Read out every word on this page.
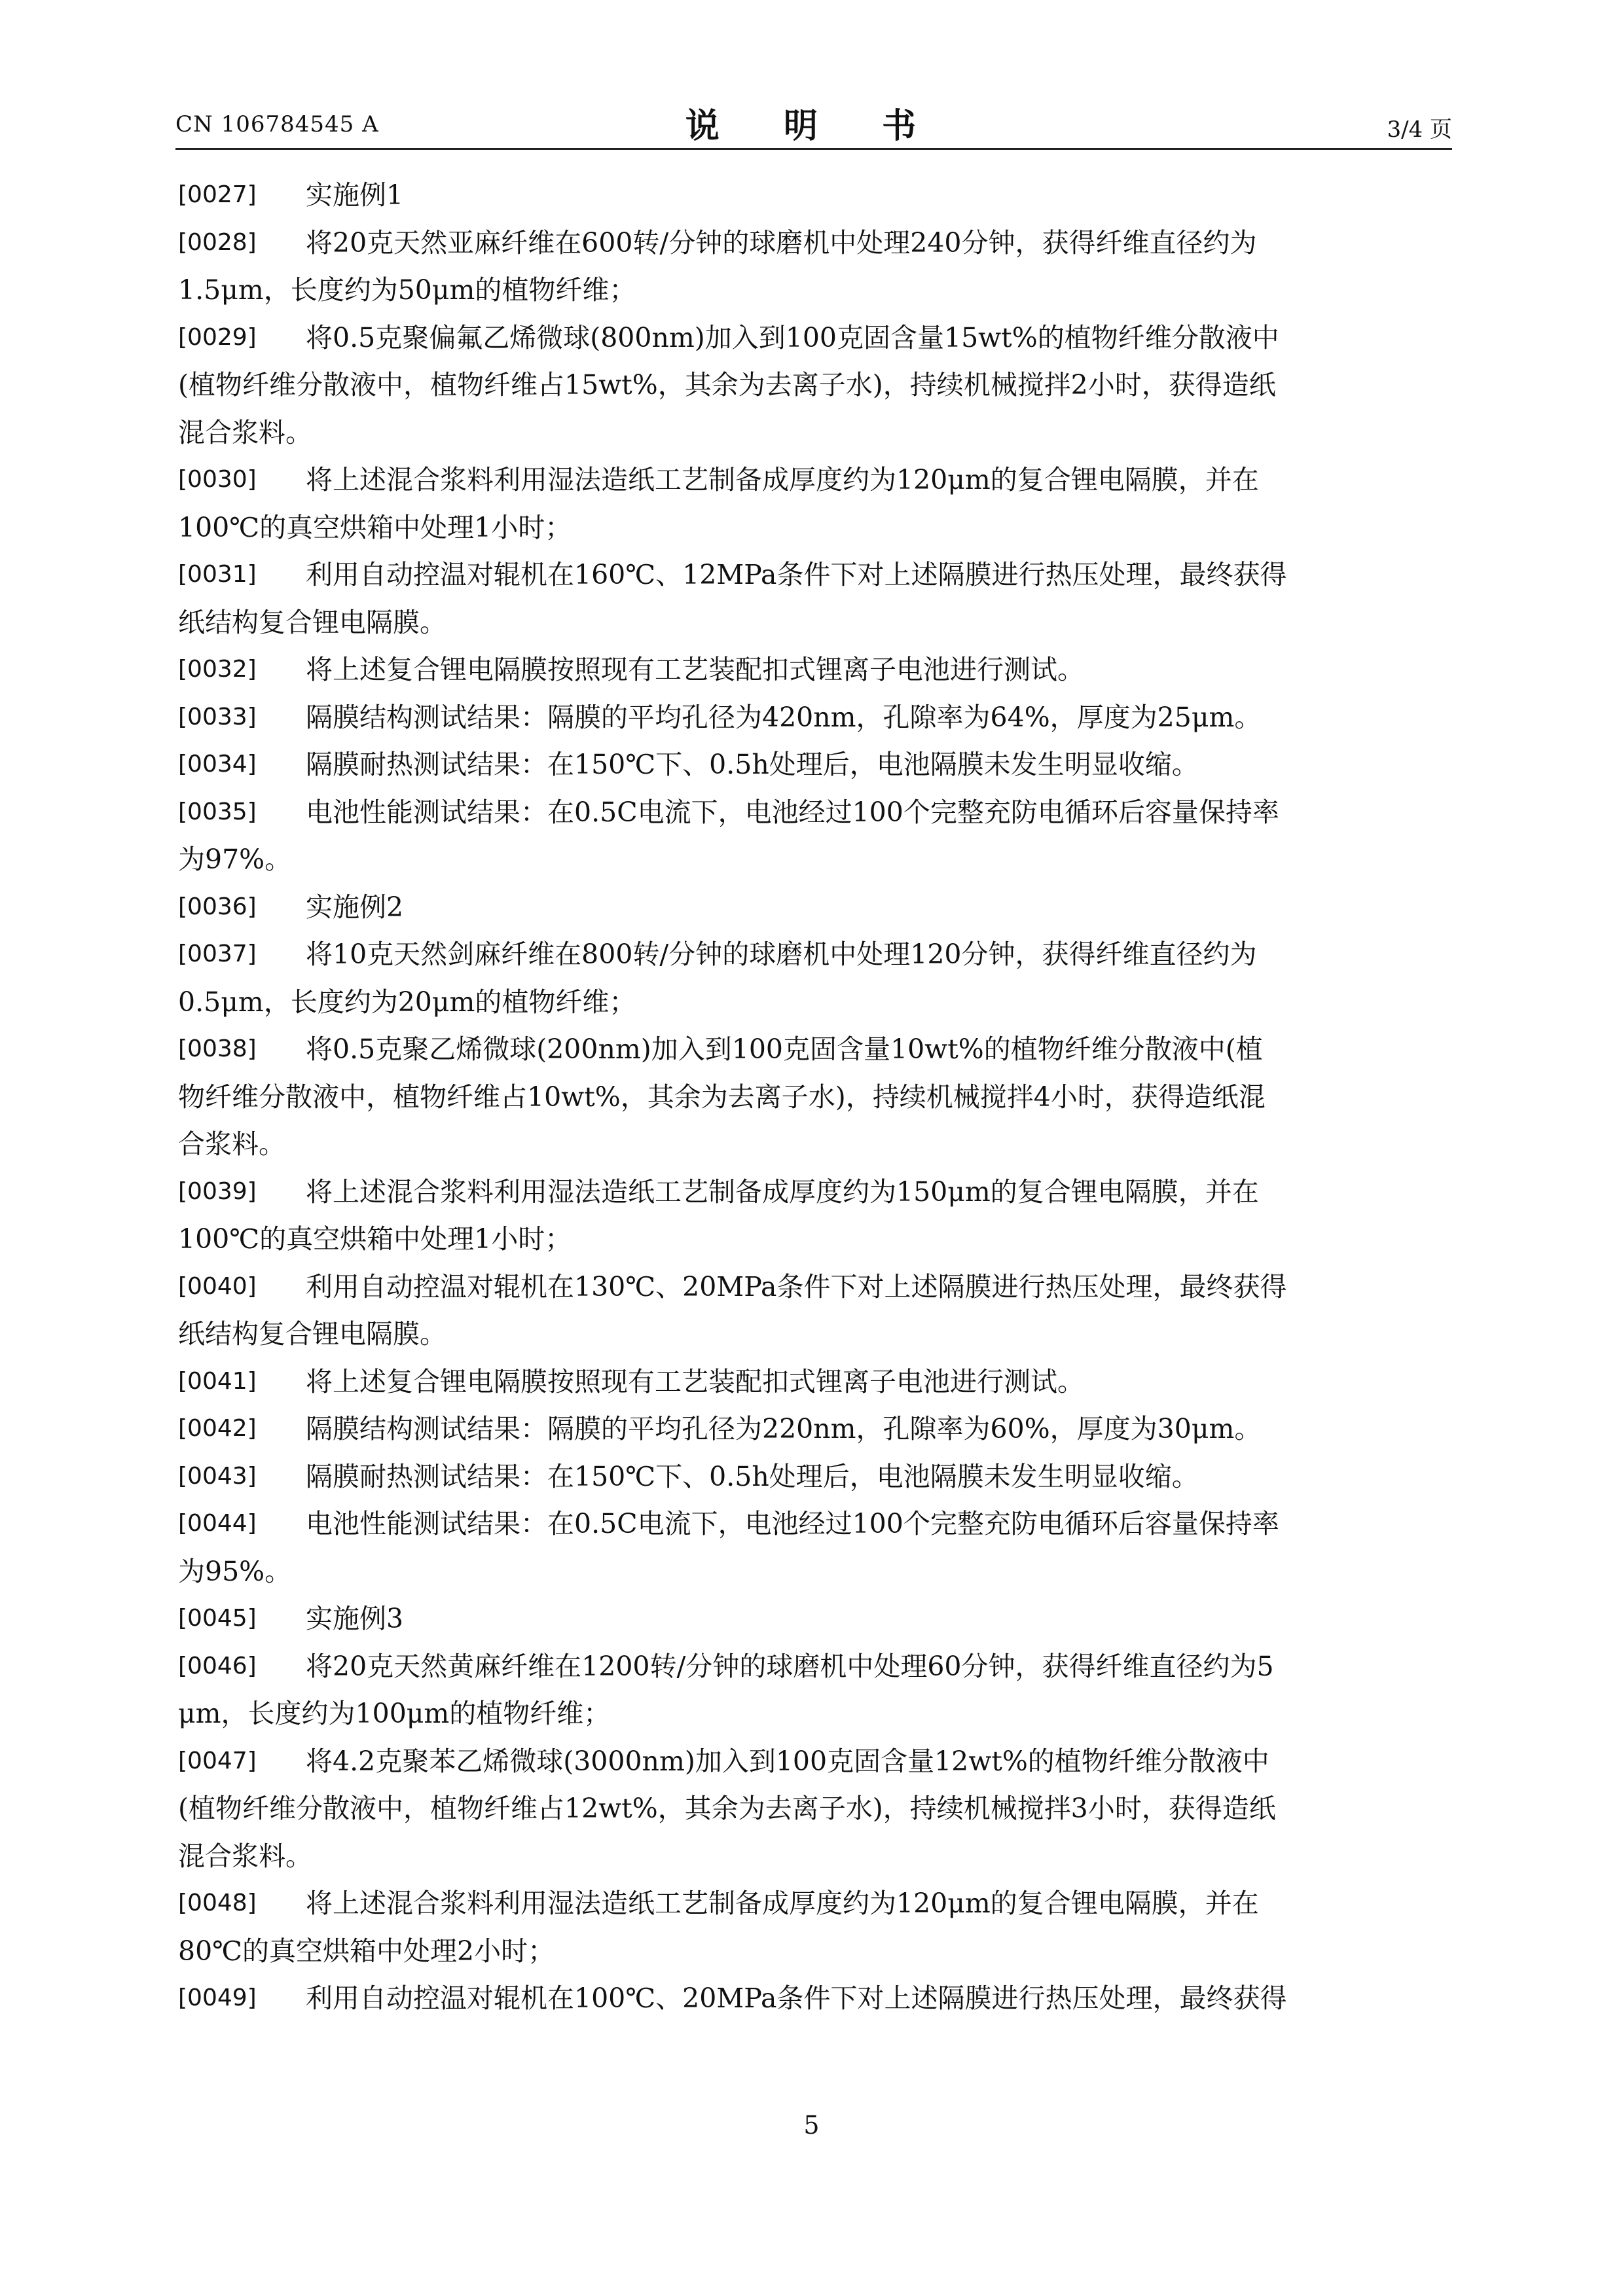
CN 106784545 A	说 明 书	3/4 页
[0027] 实施例1
[0028] 将20克天然亚麻纤维在600转/分钟的球磨机中处理240分钟，获得纤维直径约为
1.5μm，长度约为50μm的植物纤维；
[0029] 将0.5克聚偏氟乙烯微球(800nm)加入到100克固含量15wt%的植物纤维分散液中
(植物纤维分散液中，植物纤维占15wt%，其余为去离子水)，持续机械搅拌2小时，获得造纸
混合浆料。
[0030] 将上述混合浆料利用湿法造纸工艺制备成厚度约为120μm的复合锂电隔膜，并在
100℃的真空烘箱中处理1小时；
[0031] 利用自动控温对辊机在160℃、12MPa条件下对上述隔膜进行热压处理，最终获得
纸结构复合锂电隔膜。
[0032] 将上述复合锂电隔膜按照现有工艺装配扣式锂离子电池进行测试。
[0033] 隔膜结构测试结果：隔膜的平均孔径为420nm，孔隙率为64%，厚度为25μm。
[0034] 隔膜耐热测试结果：在150℃下、0.5h处理后，电池隔膜未发生明显收缩。
[0035] 电池性能测试结果：在0.5C电流下，电池经过100个完整充防电循环后容量保持率
为97%。
[0036] 实施例2
[0037] 将10克天然剑麻纤维在800转/分钟的球磨机中处理120分钟，获得纤维直径约为
0.5μm，长度约为20μm的植物纤维；
[0038] 将0.5克聚乙烯微球(200nm)加入到100克固含量10wt%的植物纤维分散液中(植
物纤维分散液中，植物纤维占10wt%，其余为去离子水)，持续机械搅拌4小时，获得造纸混
合浆料。
[0039] 将上述混合浆料利用湿法造纸工艺制备成厚度约为150μm的复合锂电隔膜，并在
100℃的真空烘箱中处理1小时；
[0040] 利用自动控温对辊机在130℃、20MPa条件下对上述隔膜进行热压处理，最终获得
纸结构复合锂电隔膜。
[0041] 将上述复合锂电隔膜按照现有工艺装配扣式锂离子电池进行测试。
[0042] 隔膜结构测试结果：隔膜的平均孔径为220nm，孔隙率为60%，厚度为30μm。
[0043] 隔膜耐热测试结果：在150℃下、0.5h处理后，电池隔膜未发生明显收缩。
[0044] 电池性能测试结果：在0.5C电流下，电池经过100个完整充防电循环后容量保持率
为95%。
[0045] 实施例3
[0046] 将20克天然黄麻纤维在1200转/分钟的球磨机中处理60分钟，获得纤维直径约为5
μm，长度约为100μm的植物纤维；
[0047] 将4.2克聚苯乙烯微球(3000nm)加入到100克固含量12wt%的植物纤维分散液中
(植物纤维分散液中，植物纤维占12wt%，其余为去离子水)，持续机械搅拌3小时，获得造纸
混合浆料。
[0048] 将上述混合浆料利用湿法造纸工艺制备成厚度约为120μm的复合锂电隔膜，并在
80℃的真空烘箱中处理2小时；
[0049] 利用自动控温对辊机在100℃、20MPa条件下对上述隔膜进行热压处理，最终获得
5
